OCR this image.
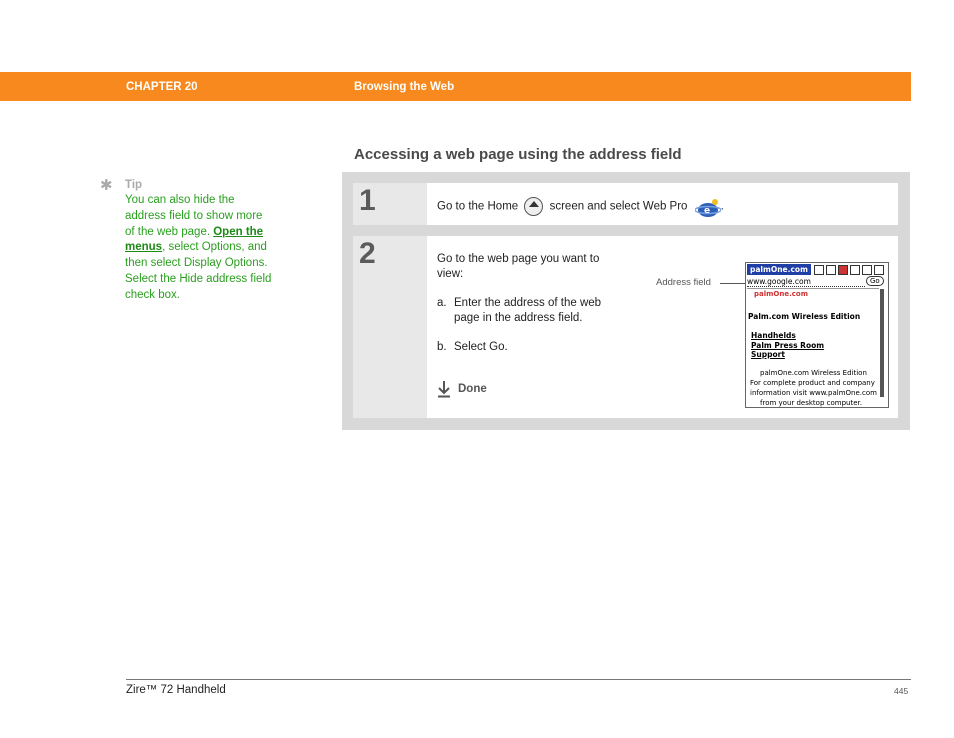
CHAPTER 20	Browsing the Web
Accessing a web page using the address field
✱ Tip
You can also hide the address field to show more of the web page. Open the menus, select Options, and then select Display Options. Select the Hide address field check box.
1	Go to the Home	screen and select Web Pro e .
2	Go to the web page you want to view:
a. Enter the address of the web page in the address field.
b. Select Go.
Done
Address field
palmOne.com
www.google.com	Go
palmOne.com
Palm.com Wireless Edition
Handhelds
Palm Press Room
Support
palmOne.com Wireless Edition
For complete product and company
information visit www.palmOne.com
from your desktop computer.
Zire™ 72 Handheld	445
